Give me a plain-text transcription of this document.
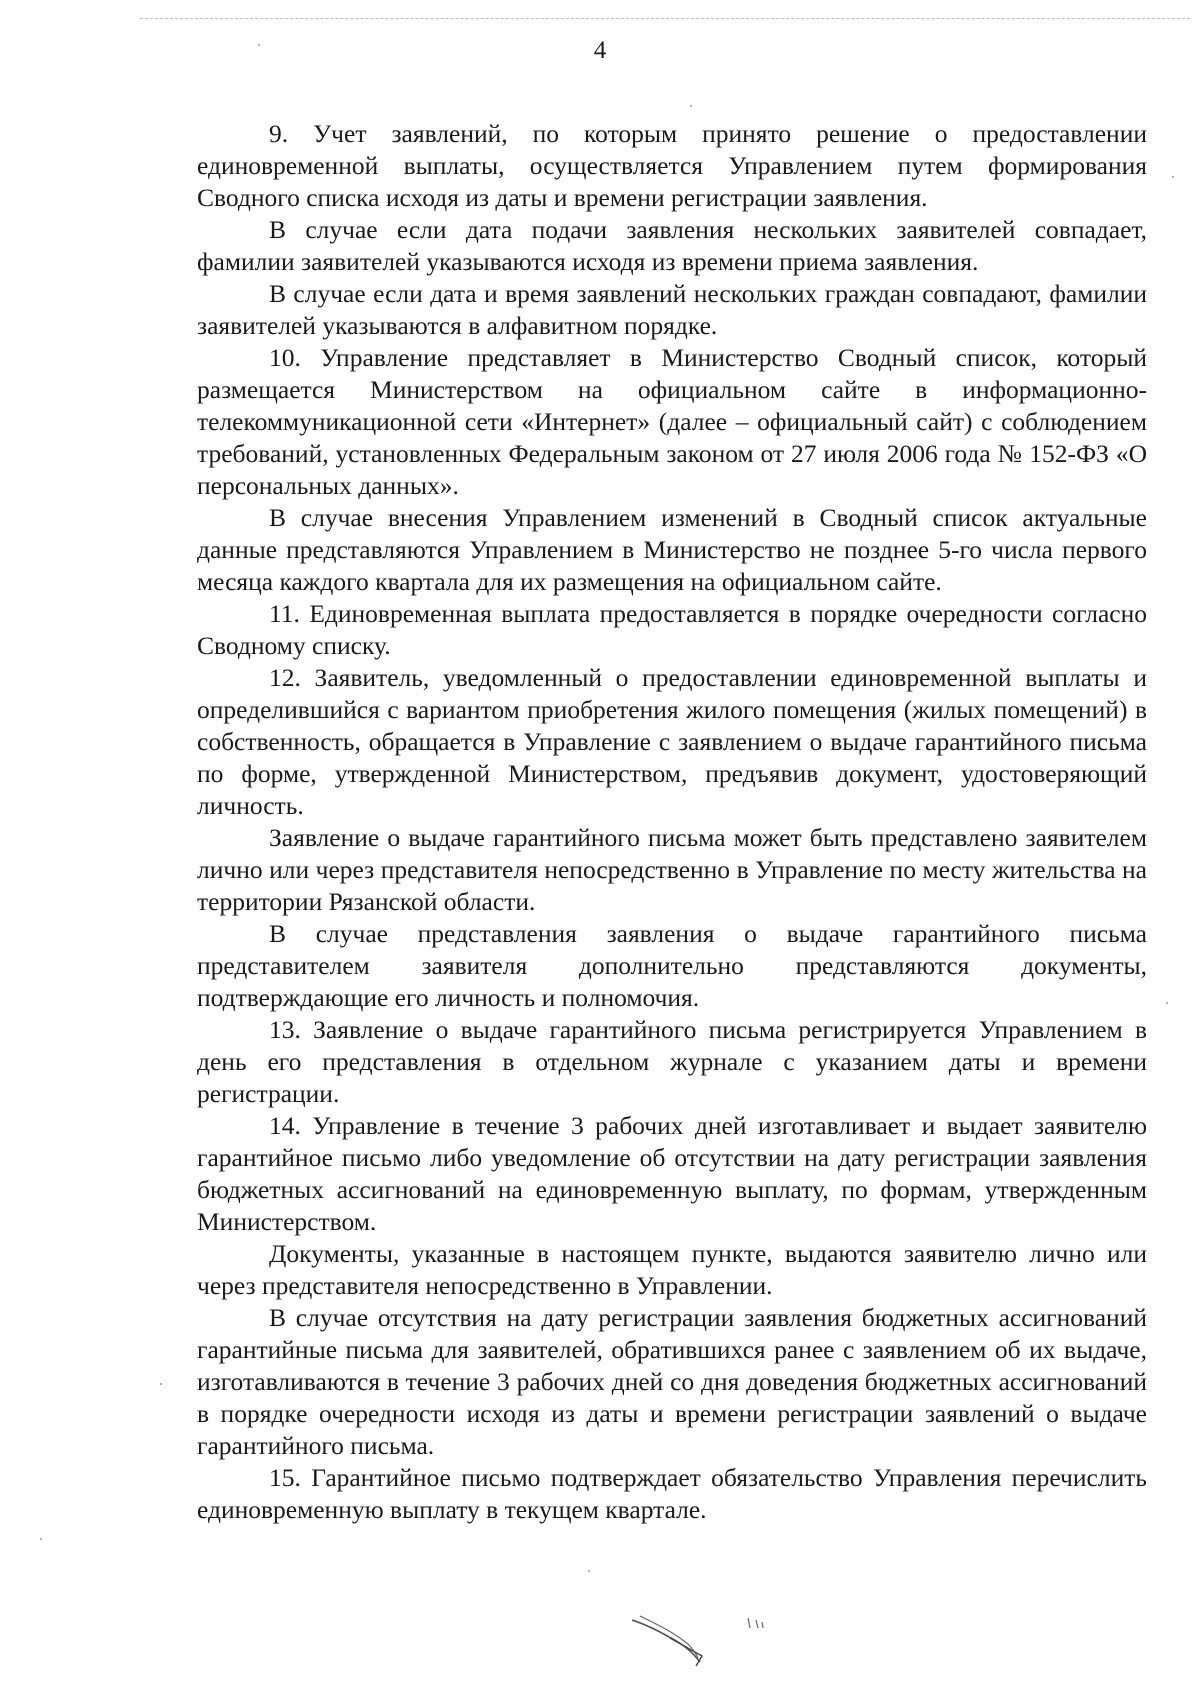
4

9. Учет заявлений, по которым принято решение о предоставлении единовременной выплаты, осуществляется Управлением путем формирования Сводного списка исходя из даты и времени регистрации заявления.

В случае если дата подачи заявления нескольких заявителей совпадает, фамилии заявителей указываются исходя из времени приема заявления.

В случае если дата и время заявлений нескольких граждан совпадают, фамилии заявителей указываются в алфавитном порядке.

10. Управление представляет в Министерство Сводный список, который размещается Министерством на официальном сайте в информационно-телекоммуникационной сети «Интернет» (далее – официальный сайт) с соблюдением требований, установленных Федеральным законом от 27 июля 2006 года № 152-ФЗ «О персональных данных».

В случае внесения Управлением изменений в Сводный список актуальные данные представляются Управлением в Министерство не позднее 5-го числа первого месяца каждого квартала для их размещения на официальном сайте.

11. Единовременная выплата предоставляется в порядке очередности согласно Сводному списку.

12. Заявитель, уведомленный о предоставлении единовременной выплаты и определившийся с вариантом приобретения жилого помещения (жилых помещений) в собственность, обращается в Управление с заявлением о выдаче гарантийного письма по форме, утвержденной Министерством, предъявив документ, удостоверяющий личность.

Заявление о выдаче гарантийного письма может быть представлено заявителем лично или через представителя непосредственно в Управление по месту жительства на территории Рязанской области.

В случае представления заявления о выдаче гарантийного письма представителем заявителя дополнительно представляются документы, подтверждающие его личность и полномочия.

13. Заявление о выдаче гарантийного письма регистрируется Управлением в день его представления в отдельном журнале с указанием даты и времени регистрации.

14. Управление в течение 3 рабочих дней изготавливает и выдает заявителю гарантийное письмо либо уведомление об отсутствии на дату регистрации заявления бюджетных ассигнований на единовременную выплату, по формам, утвержденным Министерством.

Документы, указанные в настоящем пункте, выдаются заявителю лично или через представителя непосредственно в Управлении.

В случае отсутствия на дату регистрации заявления бюджетных ассигнований гарантийные письма для заявителей, обратившихся ранее с заявлением об их выдаче, изготавливаются в течение 3 рабочих дней со дня доведения бюджетных ассигнований в порядке очередности исходя из даты и времени регистрации заявлений о выдаче гарантийного письма.

15. Гарантийное письмо подтверждает обязательство Управления перечислить единовременную выплату в текущем квартале.
